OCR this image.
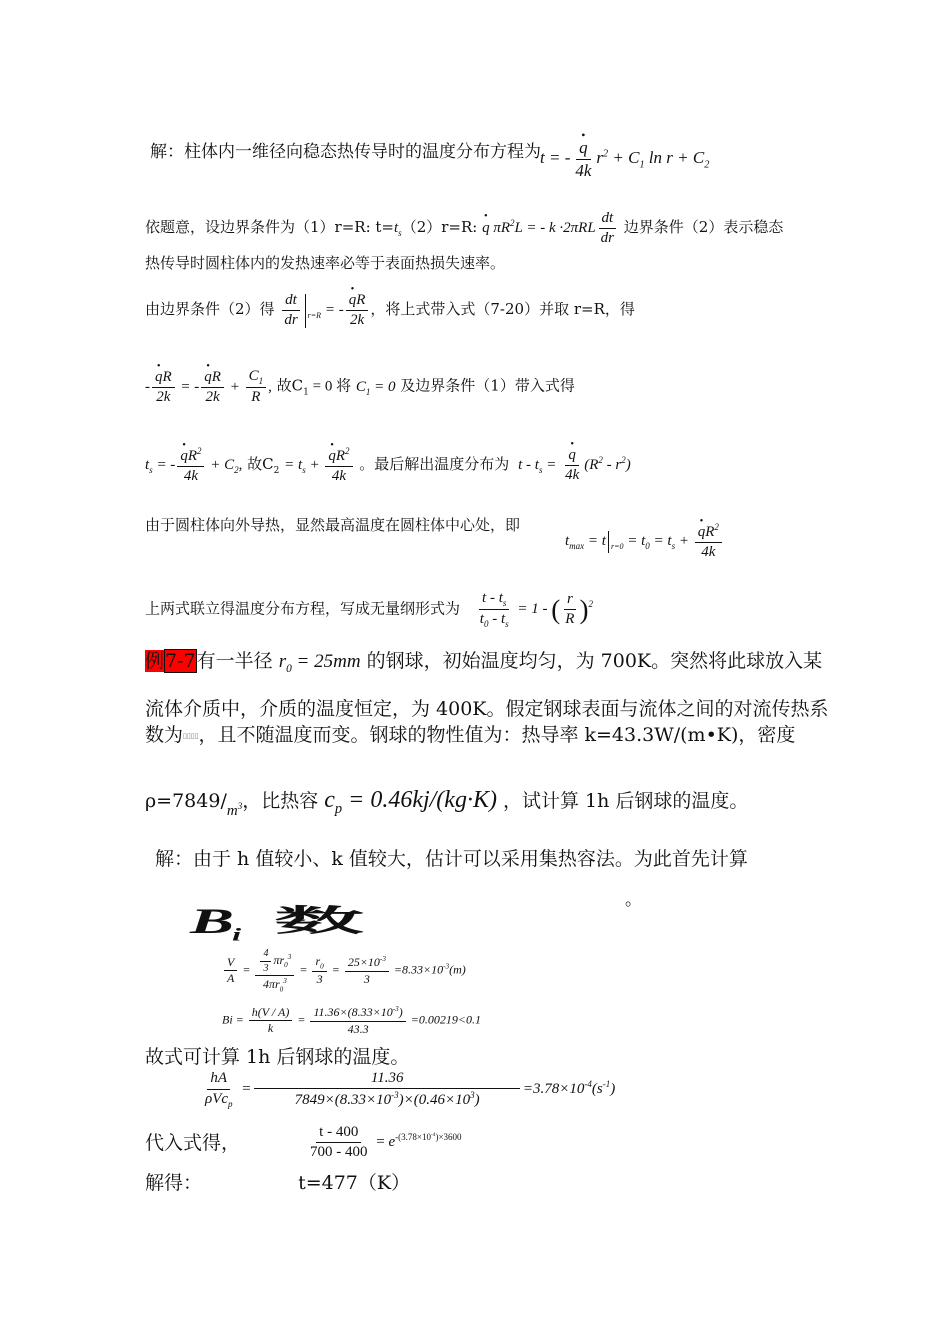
解：柱体内一维径向稳态热传导时的温度分布方程为 t = - • $\frac{q}{4k} r^2 + C_1$ $\ln r + C_2$
依题意，设边界条件为（1）r=R: $t=t_s(2)r=R$: • q $\pi R^2L$ = - $k \cdot 2\pi RL \frac{dt}{dr}$ 边界条件（2）表示稳态
热传导时圆柱体内的发热速率必等于表面热损失速率。
由边界条件（2）得 $\frac{dt}{dr} _{r=R}$ = - • $\frac{qR}{2k}$ ，将上式带入式（7-20）并取 r=R，得
- • $\frac{qR}{2k}$ = - • $\frac{qR}{2k} + \frac{C_1}{R}$ , 故$C_1 = 0$ 将 $C_1 = 0$ 及边界条件（1）带入式得
$t_s$ = - • $\frac{qR^2}{4k} + C_2$, 故$C_2 = t_s$ + • $\frac{qR^2}{4k}$ 。最后解出温度分布为 t - $t_s$ = • $\frac{q}{4k} (R^2 - r^2)$
由于圆柱体向外导热，显然最高温度在圆柱体中心处，即
$t_{max} = t$ $_{r=0} = t_0 = t_s$ + • $\frac{qR^2}{4k}$
上两式联立得温度分布方程，写成无量纲形式为 $\frac{t - t_s}{t_0 - t_s} = 1$ - ( $\frac{r}{R} )^2$
例7-7有一半径 $r_0 = 25mm$ 的钢球，初始温度均匀，为 700K。突然将此球放入某
流体介质中，介质的温度恒定，为 400K。假定钢球表面与流体之间的对流传热系
数为▯▯▯▯，且不随温度而变。钢球的物性值为：热导率 k=43.3W/(m•K)，密度
$\rho=7849/_{m^3}$，比热容 $c_p = 0.46kj/(kg\cdot K)$ ，试计算 1h 后钢球的温度。
解：由于 h 值较小、k 值较大，估计可以采用集热容法。为此首先计算
$B_i$ 数
。
$\frac{V}{A} = \frac{\frac{4}{3} \pi r_0^3}{4\pi r_0^3} = \frac{r_0}{3} = \frac{25\times 10^{-3}}{3} =8.33\times 10^{-3}(m)$
$Bi = \frac{h(V / A)}{k} = \frac{11.36\times(8.33\times 10^{-3})}{43.3} =0.00219<0.1$
故式可计算 1h 后钢球的温度。
$\frac{hA}{\rho Vc_p} = \frac{11.36}{7849\times(8.33\times 10^{-3})\times(0.46\times 10^3)} =3.78\times 10^{-4}(s^{-1})$
代入式得，	$\frac{t - 400}{700 - 400} = e^{-(3.78\times 10^{-4})\times 3600}$
解得：	t=477（K）
